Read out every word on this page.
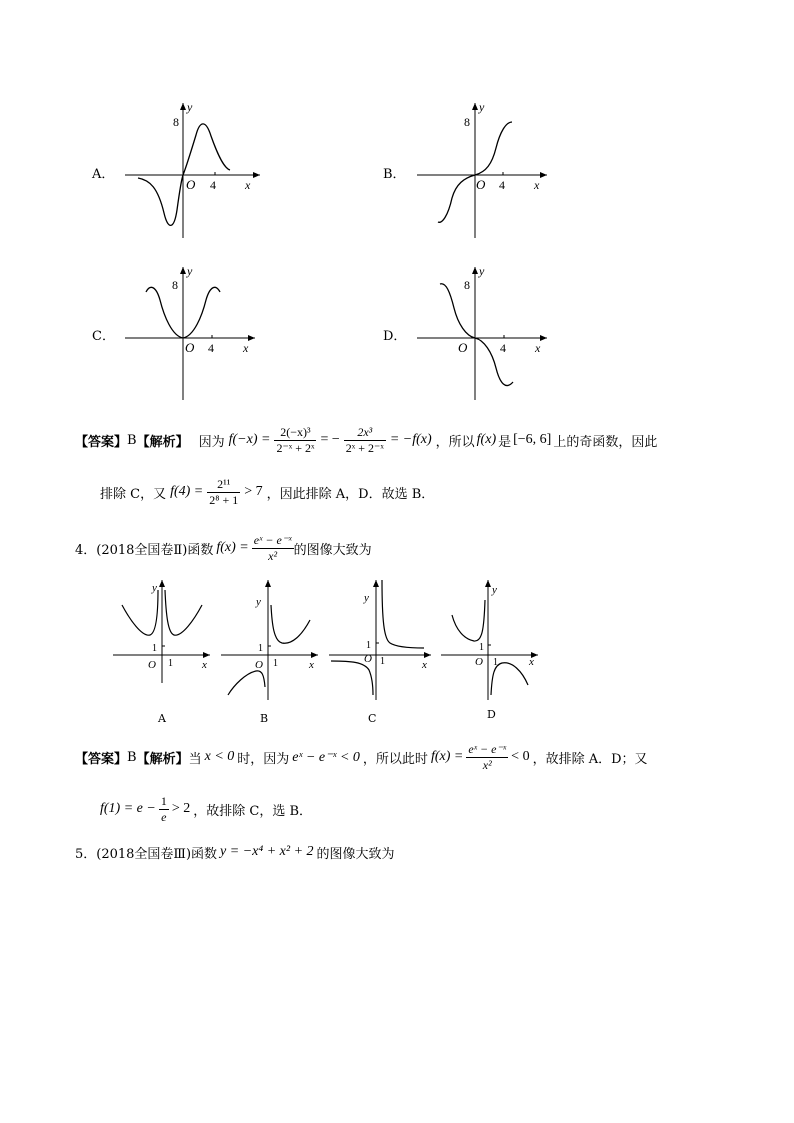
A．
y
8
x
O 4
B．
y
8
x
O 4
C．
y
8
x
O 4
D．
y
8
x
O	4
【答案】 B 【解析】 因为 $f(-x) = \frac{\text{2(−x)³}}{\text{2⁻ˣ + 2ˣ}}$ = − $\frac{\text{2x³}}{\text{2ˣ + 2⁻ˣ}} = -f(x)$ ，所以 f(x) 是 [−6, 6] 上的奇函数，因此
排除 C，又 $f(4) = \frac{\text{2¹¹}}{\text{2⁸ + 1}} > 7$ ，因此排除 A，D．故选 B．
4．(2018全国卷Ⅱ)函数 $f(x) = \frac{\text{eˣ − e⁻ˣ}}{\text{x²}}$ 的图像大致为
y
1
O 1	x
A
y
1
O 1	x
B
y
1
O 1	x
C
y
1
O 1	x
D
【答案】 B 【解析】 当 x < 0 时，因为 eˣ − e⁻ˣ < 0 ，所以此时 $f(x) = \frac{\text{eˣ − e⁻ˣ}}{\text{x²}} < 0$ ，故排除 A．D；又
$f(1) = e - \frac{1}{e} > 2$ ，故排除 C，选 B．
5．(2018全国卷Ⅲ)函数 y = −x⁴ + x² + 2 的图像大致为
